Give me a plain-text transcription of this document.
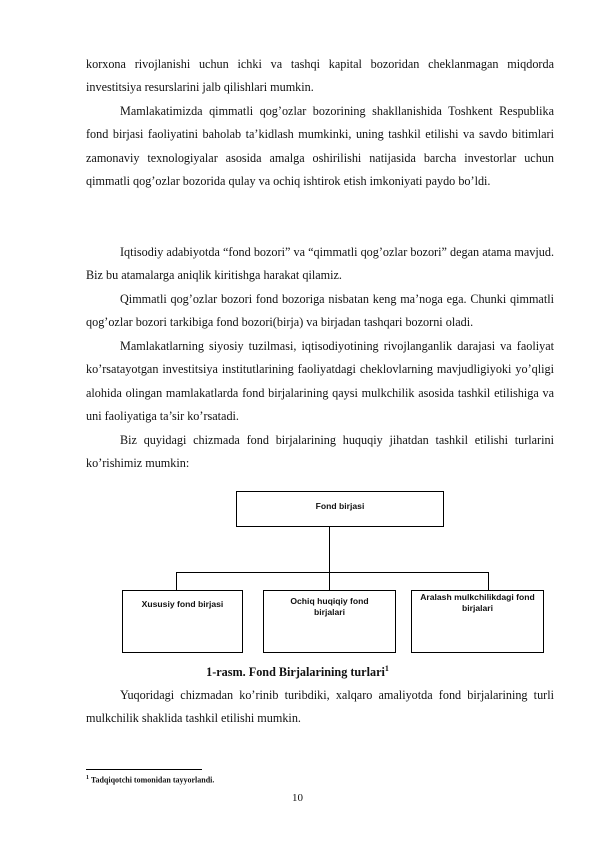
korxona rivojlanishi uchun ichki va tashqi kapital bozoridan cheklanmagan miqdorda investitsiya resurslarini jalb qilishlari mumkin.

Mamlakatimizda qimmatli qog’ozlar bozorining shakllanishida Toshkent Respublika fond birjasi faoliyatini baholab ta’kidlash mumkinki, uning tashkil etilishi va savdo bitimlari zamonaviy texnologiyalar asosida amalga oshirilishi natijasida barcha investorlar uchun qimmatli qog’ozlar bozorida qulay va ochiq ishtirok etish imkoniyati paydo bo’ldi.

Iqtisodiy adabiyotda “fond bozori” va “qimmatli qog’ozlar bozori” degan atama mavjud. Biz bu atamalarga aniqlik kiritishga harakat qilamiz.

Qimmatli qog’ozlar bozori fond bozoriga nisbatan keng ma’noga ega. Chunki qimmatli qog’ozlar bozori tarkibiga fond bozori(birja) va birjadan tashqari bozorni oladi.

Mamlakatlarning siyosiy tuzilmasi, iqtisodiyotining rivojlanganlik darajasi va faoliyat ko’rsatayotgan investitsiya institutlarining faoliyatdagi cheklovlarning mavjudligiyoki yo’qligi alohida olingan mamlakatlarda fond birjalarining qaysi mulkchilik asosida tashkil etilishiga va uni faoliyatiga ta’sir ko’rsatadi.

Biz quyidagi chizmada fond birjalarining huquqiy jihatdan tashkil etilishi turlarini ko’rishimiz mumkin:

Fond birjasi
Xususiy fond birjasi	Ochiq huqiqiy fond birjalari
Aralash mulkchilikdagi fond birjalari

1-rasm. Fond Birjalarining turlari$^1$

Yuqoridagi chizmadan ko’rinib turibdiki, xalqaro amaliyotda fond birjalarining turli mulkchilik shaklida tashkil etilishi mumkin.

$^1$ Tadqiqotchi tomonidan tayyorlandi.

10
